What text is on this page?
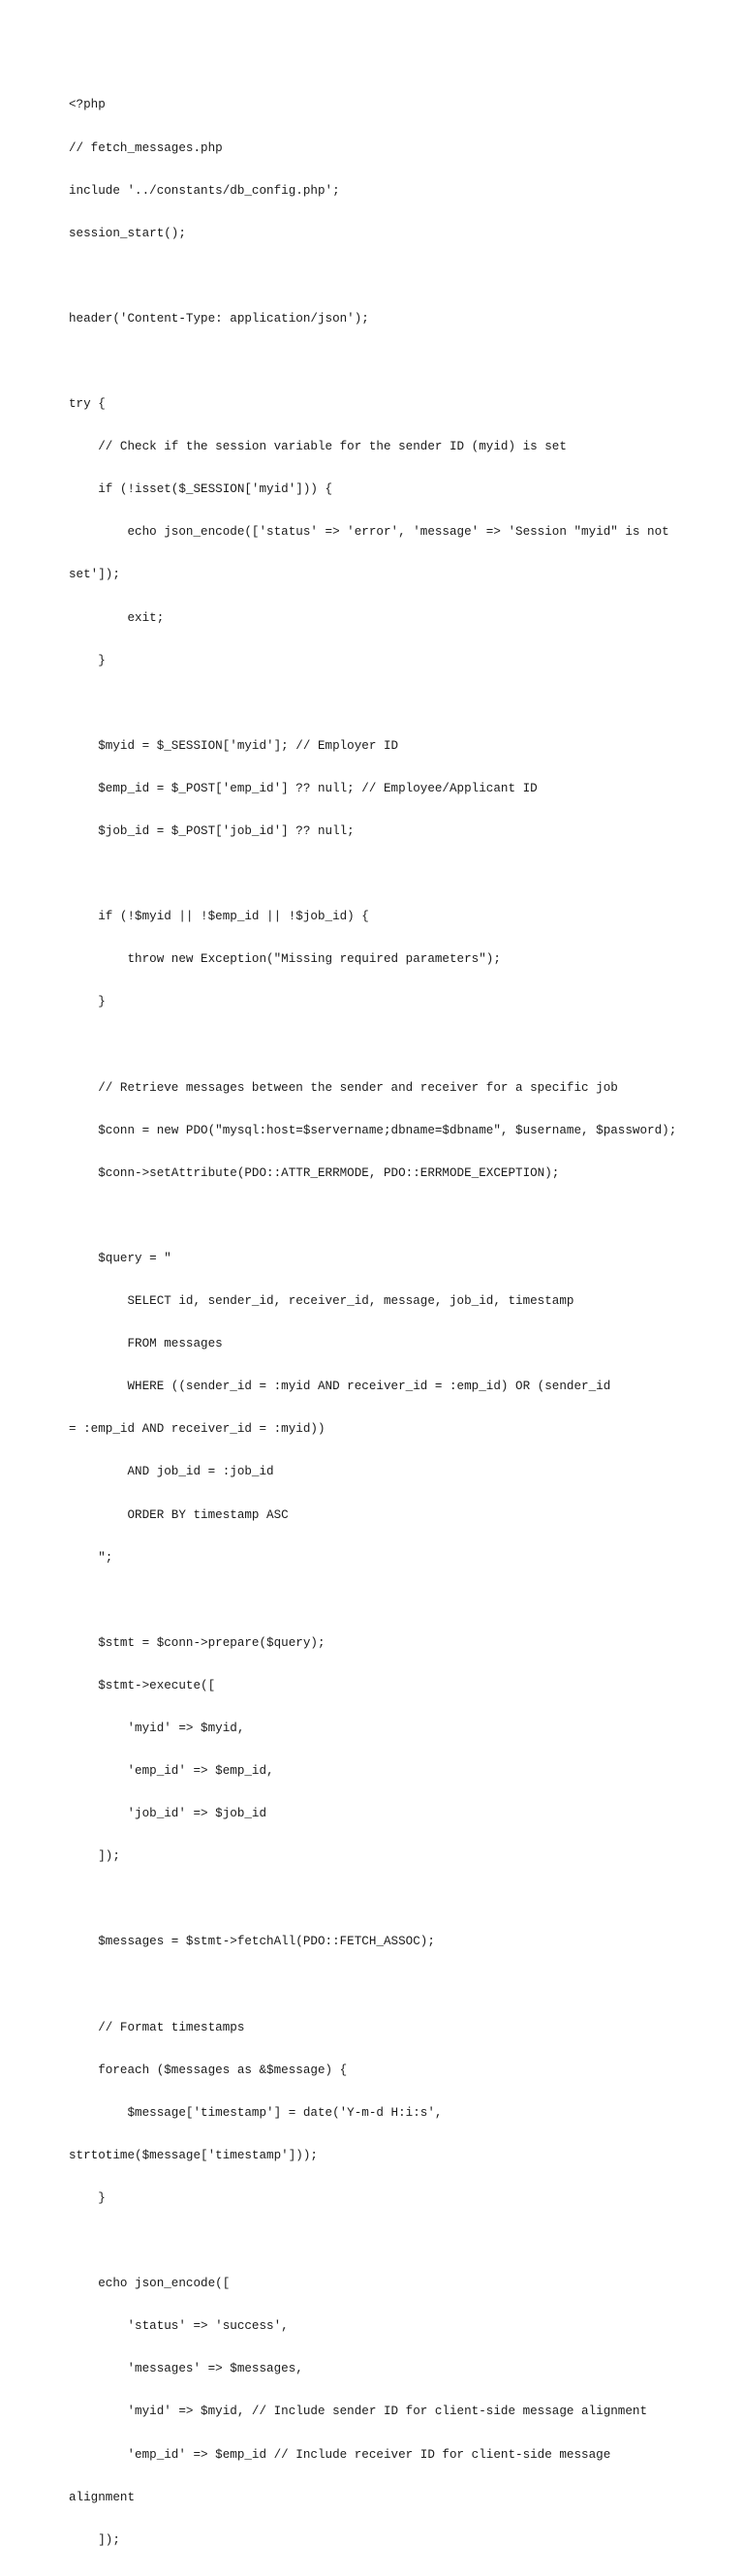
<?php

// fetch_messages.php

include '../constants/db_config.php';

session_start();

header('Content-Type: application/json');

try {

// Check if the session variable for the sender ID (myid) is set

if (!isset($_SESSION['myid'])) {

echo json_encode(['status' => 'error', 'message' => 'Session "myid" is not

set']);

exit;

}

$myid = $_SESSION['myid']; // Employer ID

$emp_id = $_POST['emp_id'] ?? null; // Employee/Applicant ID

$job_id = $_POST['job_id'] ?? null;

if (!$myid || !$emp_id || !$job_id) {

throw new Exception("Missing required parameters");

}

// Retrieve messages between the sender and receiver for a specific job

$conn = new PDO("mysql:host=$servername;dbname=$dbname", $username, $password);

$conn->setAttribute(PDO::ATTR_ERRMODE, PDO::ERRMODE_EXCEPTION);

$query = "

SELECT id, sender_id, receiver_id, message, job_id, timestamp

FROM messages

WHERE ((sender_id = :myid AND receiver_id = :emp_id) OR (sender_id

= :emp_id AND receiver_id = :myid))

AND job_id = :job_id

ORDER BY timestamp ASC

";

$stmt = $conn->prepare($query);

$stmt->execute([

'myid' => $myid,

'emp_id' => $emp_id,

'job_id' => $job_id

]);

$messages = $stmt->fetchAll(PDO::FETCH_ASSOC);

// Format timestamps

foreach ($messages as &$message) {

$message['timestamp'] = date('Y-m-d H:i:s',

strtotime($message['timestamp']));

}

echo json_encode([

'status' => 'success',

'messages' => $messages,

'myid' => $myid, // Include sender ID for client-side message alignment

'emp_id' => $emp_id // Include receiver ID for client-side message

alignment

]);
